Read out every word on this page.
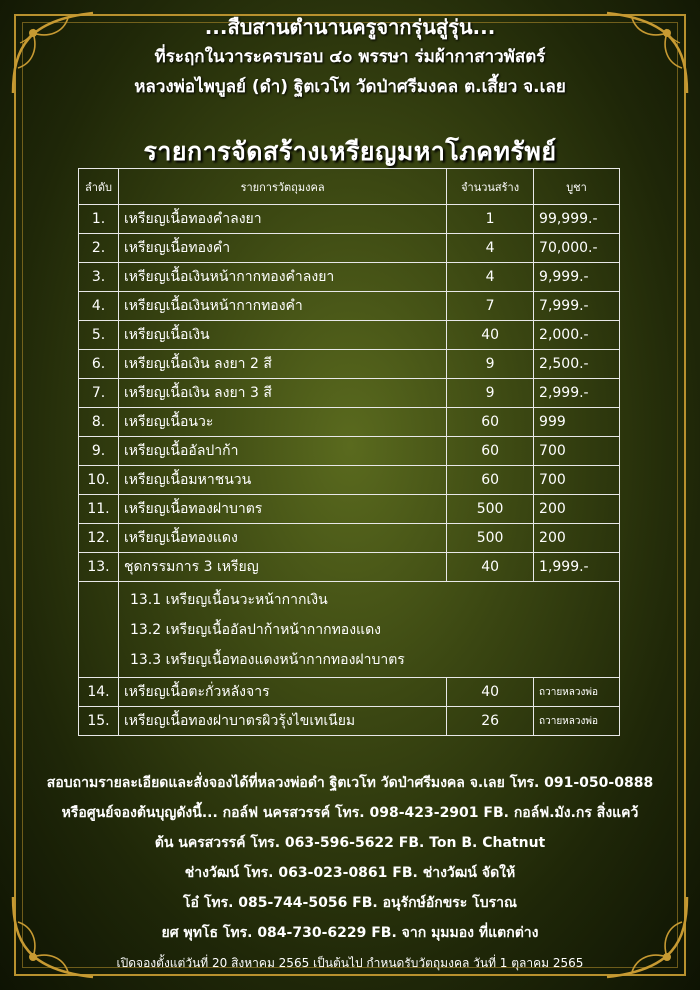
...สืบสานตำนานครูจากรุ่นสู่รุ่น...
ที่ระฤกในวาระครบรอบ ๔๐ พรรษา ร่มผ้ากาสาวพัสตร์
หลวงพ่อไพบูลย์ (ดำ) ฐิตเวโท วัดป่าศรีมงคล ต.เสี้ยว จ.เลย
รายการจัดสร้างเหรียญมหาโภคทรัพย์
ลำดับ	รายการวัตถุมงคล	จำนวนสร้าง	บูชา
1.	เหรียญเนื้อทองคำลงยา	1	99,999.-
2.	เหรียญเนื้อทองคำ	4	70,000.-
3.	เหรียญเนื้อเงินหน้ากากทองคำลงยา	4	9,999.-
4.	เหรียญเนื้อเงินหน้ากากทองคำ	7	7,999.-
5.	เหรียญเนื้อเงิน	40	2,000.-
6.	เหรียญเนื้อเงิน ลงยา 2 สี	9	2,500.-
7.	เหรียญเนื้อเงิน ลงยา 3 สี	9	2,999.-
8.	เหรียญเนื้อนวะ	60	999
9.	เหรียญเนื้ออัลปาก้า	60	700
10.	เหรียญเนื้อมหาชนวน	60	700
11.	เหรียญเนื้อทองฝาบาตร	500	200
12.	เหรียญเนื้อทองแดง	500	200
13.	ชุดกรรมการ 3 เหรียญ	40	1,999.-

	13.1 เหรียญเนื้อนวะหน้ากากเงิน
13.2 เหรียญเนื้ออัลปาก้าหน้ากากทองแดง
13.3 เหรียญเนื้อทองแดงหน้ากากทองฝาบาตร		

14.	เหรียญเนื้อตะกั่วหลังจาร	40	ถวายหลวงพ่อ
15.	เหรียญเนื้อทองฝาบาตรผิวรุ้งไขเทเนียม	26	ถวายหลวงพ่อ
สอบถามรายละเอียดและสั่งจองได้ที่หลวงพ่อดำ ฐิตเวโท วัดป่าศรีมงคล จ.เลย โทร. 091-050-0888
หรือศูนย์จองต้นบุญดังนี้... กอล์ฟ นครสวรรค์ โทร. 098-423-2901 FB. กอล์ฟ.มัง.กร สิ่งแคว้
ต้น นครสวรรค์ โทร. 063-596-5622 FB. Ton B. Chatnut
ช่างวัฒน์ โทร. 063-023-0861 FB. ช่างวัฒน์ จัดให้
โอ๋ โทร. 085-744-5056 FB. อนุรักษ์อักขระ โบราณ
ยศ พุทโธ โทร. 084-730-6229 FB. จาก มุมมอง ที่แตกต่าง
เปิดจองตั้งแต่วันที่ 20 สิงหาคม 2565 เป็นต้นไป กำหนดรับวัตถุมงคล วันที่ 1 ตุลาคม 2565
